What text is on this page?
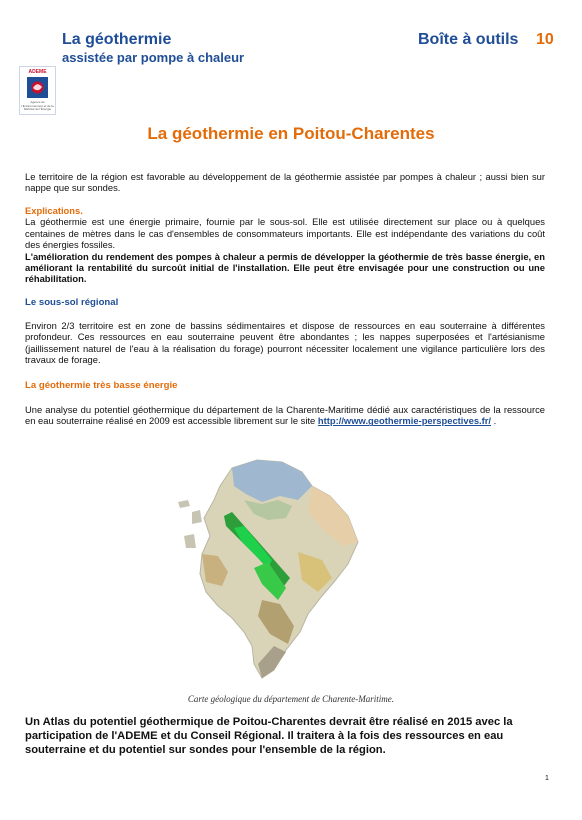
La géothermie
assistée par pompe à chaleur
Boîte à outils 10
ADEME
Agence de l'Environnement et de la Maîtrise de l'Énergie
La géothermie en Poitou-Charentes
Le territoire de la région est favorable au développement de la géothermie assistée par pompes à chaleur ; aussi bien sur nappe que sur sondes.
Explications.
La géothermie est une énergie primaire, fournie par le sous-sol. Elle est utilisée directement sur place ou à quelques centaines de mètres dans le cas d'ensembles de consommateurs importants. Elle est indépendante des variations du coût des énergies fossiles.
L'amélioration du rendement des pompes à chaleur a permis de développer la géothermie de très basse énergie, en améliorant la rentabilité du surcoût initial de l'installation. Elle peut être envisagée pour une construction ou une réhabilitation.
Le sous-sol régional
Environ 2/3 territoire est en zone de bassins sédimentaires et dispose de ressources en eau souterraine à différentes profondeur. Ces ressources en eau souterraine peuvent être abondantes ; les nappes superposées et l'artésianisme (jaillissement naturel de l'eau à la réalisation du forage) pourront nécessiter localement une vigilance particulière lors des travaux de forage.
La géothermie très basse énergie
Une analyse du potentiel géothermique du département de la Charente-Maritime dédié aux caractéristiques de la ressource en eau souterraine réalisé en 2009 est accessible librement sur le site http://www.geothermie-perspectives.fr/ .
Carte géologique du département de Charente-Maritime.
Un Atlas du potentiel géothermique de Poitou-Charentes devrait être réalisé en 2015 avec la participation de l'ADEME et du Conseil Régional. Il traitera à la fois des ressources en eau souterraine et du potentiel sur sondes pour l'ensemble de la région.
1
